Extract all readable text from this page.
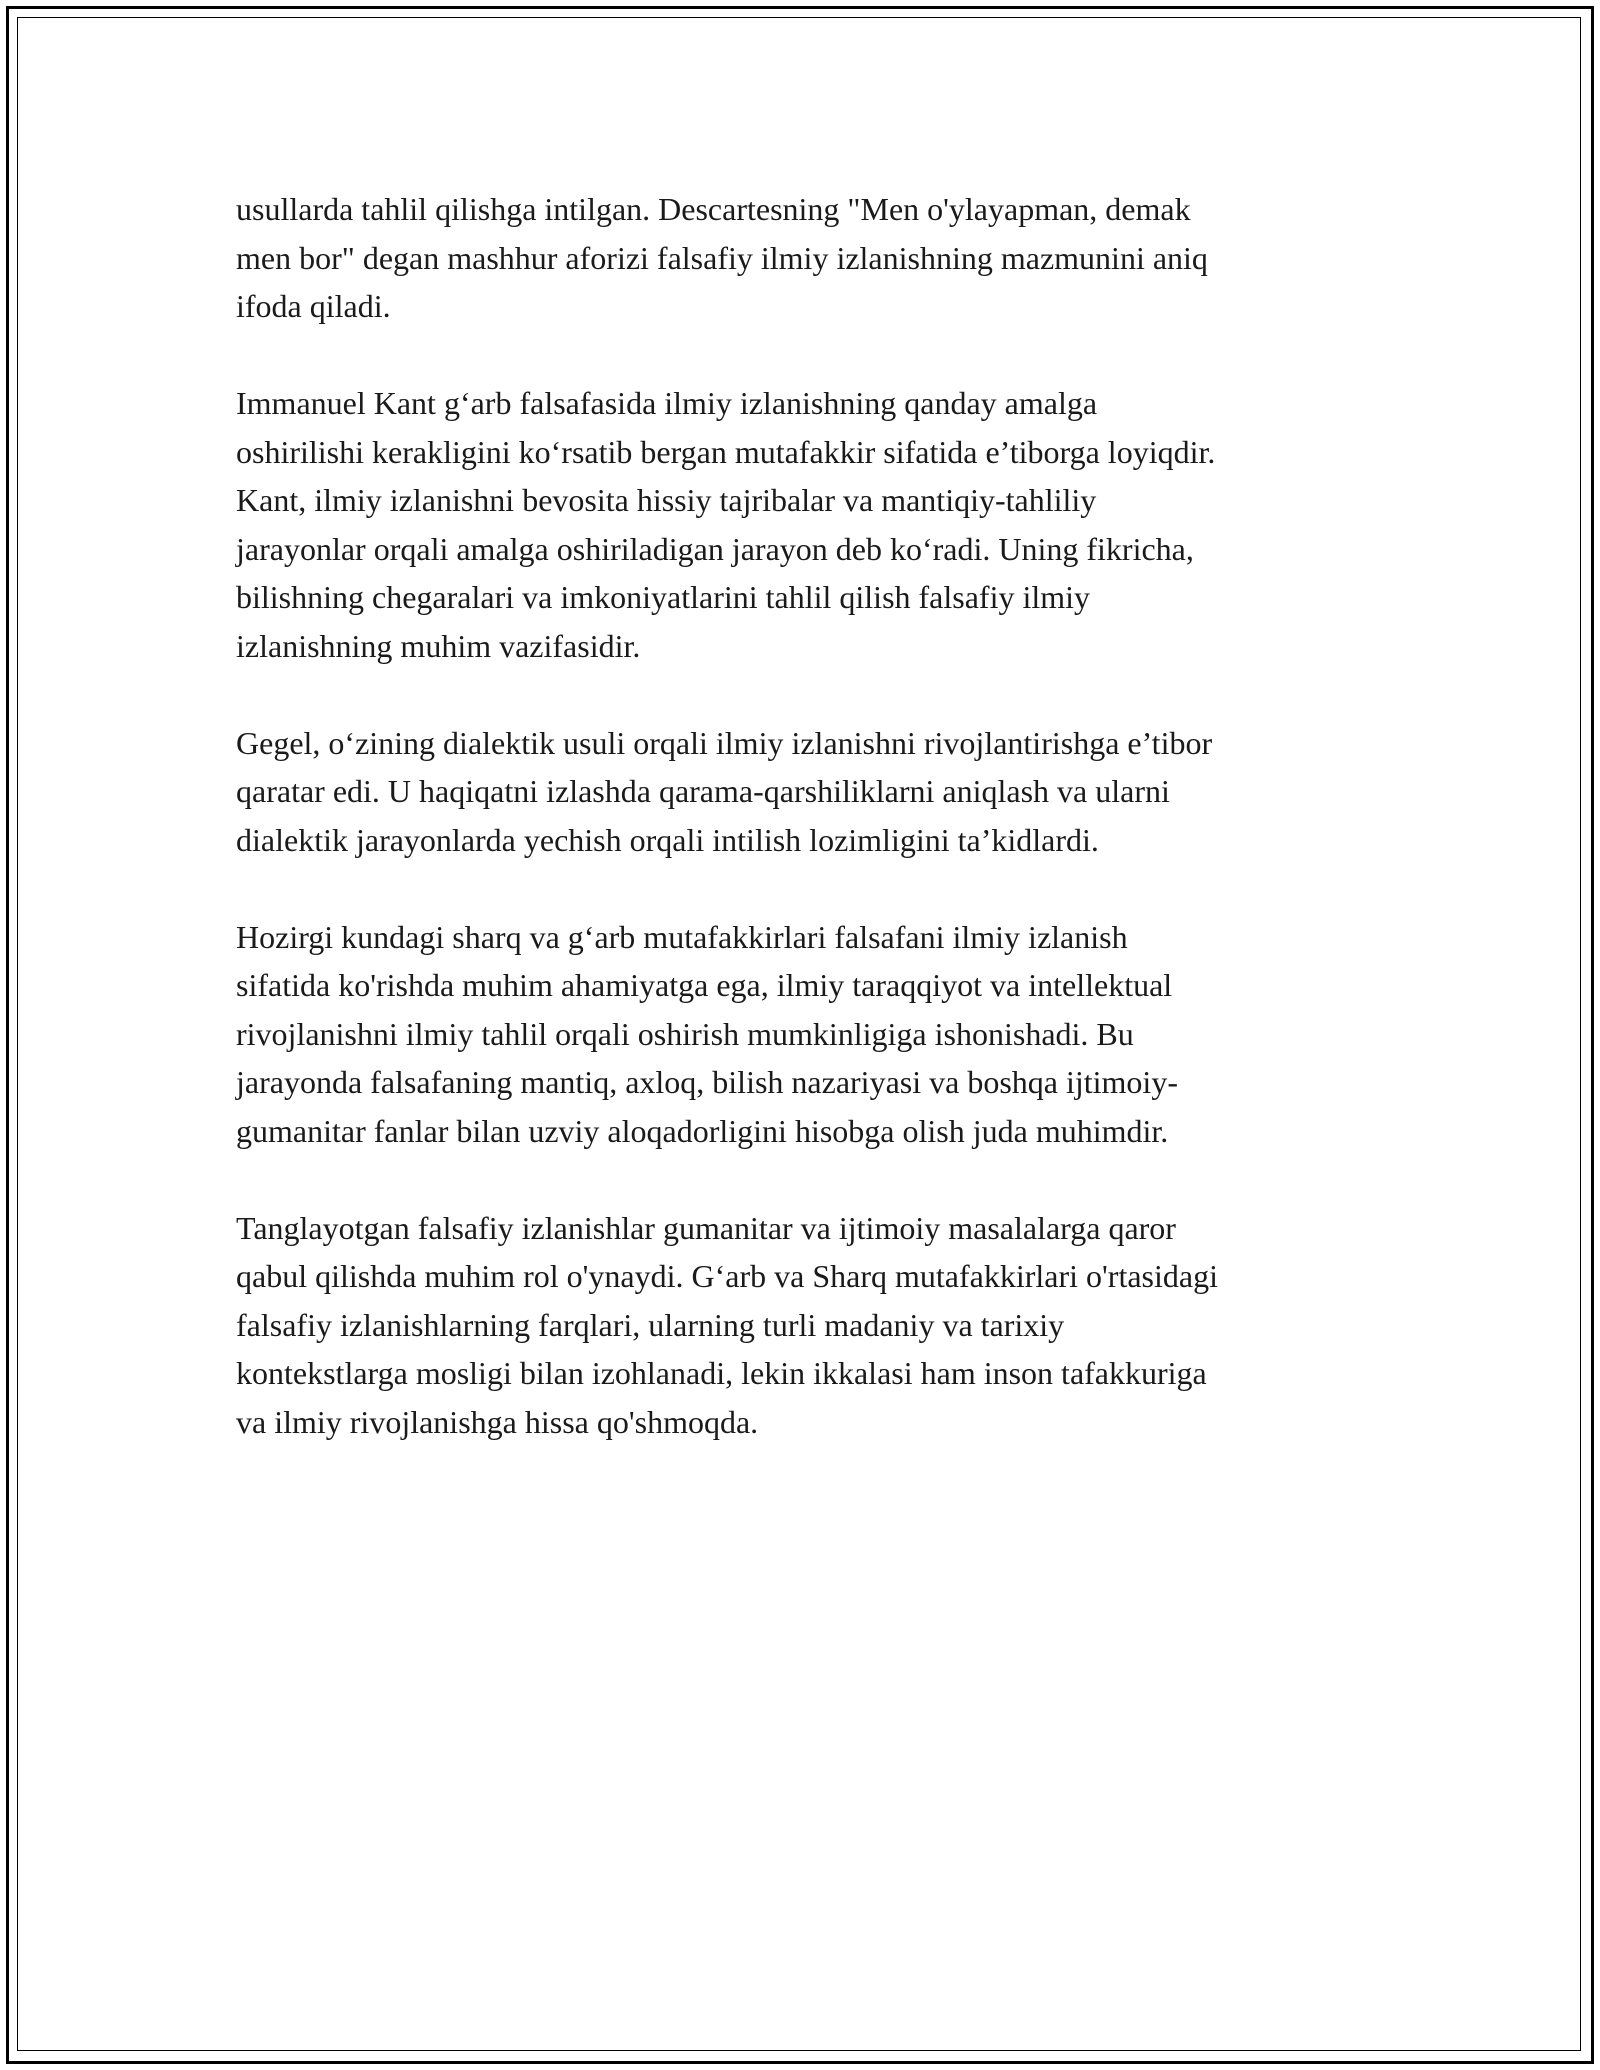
usullarda tahlil qilishga intilgan. Descartesning "Men o'ylayapman, demak
men bor" degan mashhur aforizi falsafiy ilmiy izlanishning mazmunini aniq
ifoda qiladi.

Immanuel Kant g‘arb falsafasida ilmiy izlanishning qanday amalga
oshirilishi kerakligini ko‘rsatib bergan mutafakkir sifatida e’tiborga loyiqdir.
Kant, ilmiy izlanishni bevosita hissiy tajribalar va mantiqiy-tahliliy
jarayonlar orqali amalga oshiriladigan jarayon deb ko‘radi. Uning fikricha,
bilishning chegaralari va imkoniyatlarini tahlil qilish falsafiy ilmiy
izlanishning muhim vazifasidir.

Gegel, o‘zining dialektik usuli orqali ilmiy izlanishni rivojlantirishga e’tibor
qaratar edi. U haqiqatni izlashda qarama-qarshiliklarni aniqlash va ularni
dialektik jarayonlarda yechish orqali intilish lozimligini ta’kidlardi.

Hozirgi kundagi sharq va g‘arb mutafakkirlari falsafani ilmiy izlanish
sifatida ko'rishda muhim ahamiyatga ega, ilmiy taraqqiyot va intellektual
rivojlanishni ilmiy tahlil orqali oshirish mumkinligiga ishonishadi. Bu
jarayonda falsafaning mantiq, axloq, bilish nazariyasi va boshqa ijtimoiy-
gumanitar fanlar bilan uzviy aloqadorligini hisobga olish juda muhimdir.

Tanglayotgan falsafiy izlanishlar gumanitar va ijtimoiy masalalarga qaror
qabul qilishda muhim rol o'ynaydi. G‘arb va Sharq mutafakkirlari o'rtasidagi
falsafiy izlanishlarning farqlari, ularning turli madaniy va tarixiy
kontekstlarga mosligi bilan izohlanadi, lekin ikkalasi ham inson tafakkuriga
va ilmiy rivojlanishga hissa qo'shmoqda.
